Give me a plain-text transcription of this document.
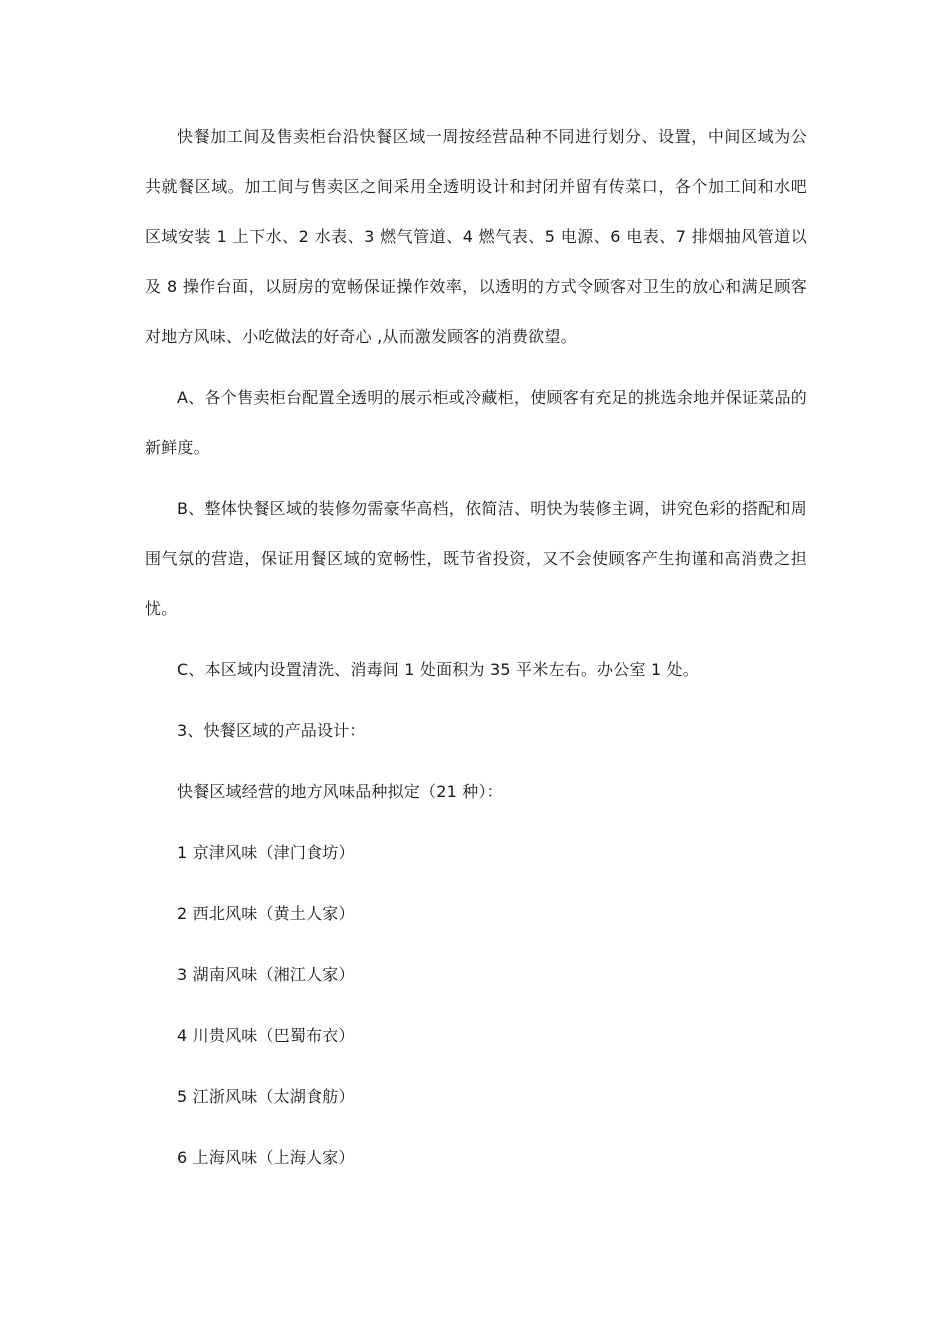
快餐加工间及售卖柜台沿快餐区域一周按经营品种不同进行划分、设置，中间区域为公共就餐区域。加工间与售卖区之间采用全透明设计和封闭并留有传菜口，各个加工间和水吧区域安装 1 上下水、2 水表、3 燃气管道、4 燃气表、5 电源、6 电表、7 排烟抽风管道以及 8 操作台面，以厨房的宽畅保证操作效率，以透明的方式令顾客对卫生的放心和满足顾客对地方风味、小吃做法的好奇心 ,从而激发顾客的消费欲望。

A、各个售卖柜台配置全透明的展示柜或冷藏柜，使顾客有充足的挑选余地并保证菜品的新鲜度。

B、整体快餐区域的装修勿需豪华高档，依简洁、明快为装修主调，讲究色彩的搭配和周围气氛的营造，保证用餐区域的宽畅性，既节省投资，又不会使顾客产生拘谨和高消费之担忧。

C、本区域内设置清洗、消毒间 1 处面积为 35 平米左右。办公室 1 处。

3、快餐区域的产品设计：

快餐区域经营的地方风味品种拟定（21 种）：

1 京津风味（津门食坊）

2 西北风味（黄土人家）

3 湖南风味（湘江人家）

4 川贵风味（巴蜀布衣）

5 江浙风味（太湖食舫）

6 上海风味（上海人家）
